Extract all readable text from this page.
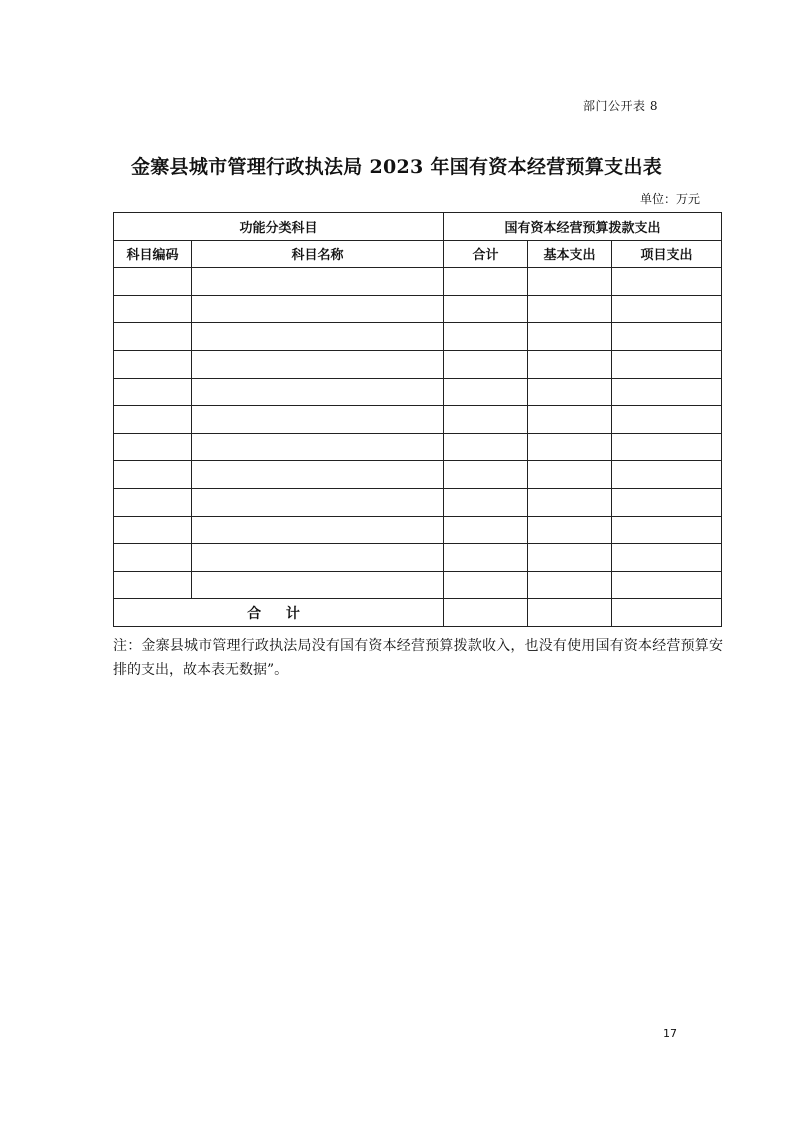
部门公开表 8
金寨县城市管理行政执法局 2023 年国有资本经营预算支出表
单位：万元
功能分类科目		国有资本经营预算拨款支出		
科目编码	科目名称	合计	基本支出	项目支出

合 计				
注：金寨县城市管理行政执法局没有国有资本经营预算拨款收入，也没有使用国有资本经营预算安排的支出，故本表无数据”。
17
